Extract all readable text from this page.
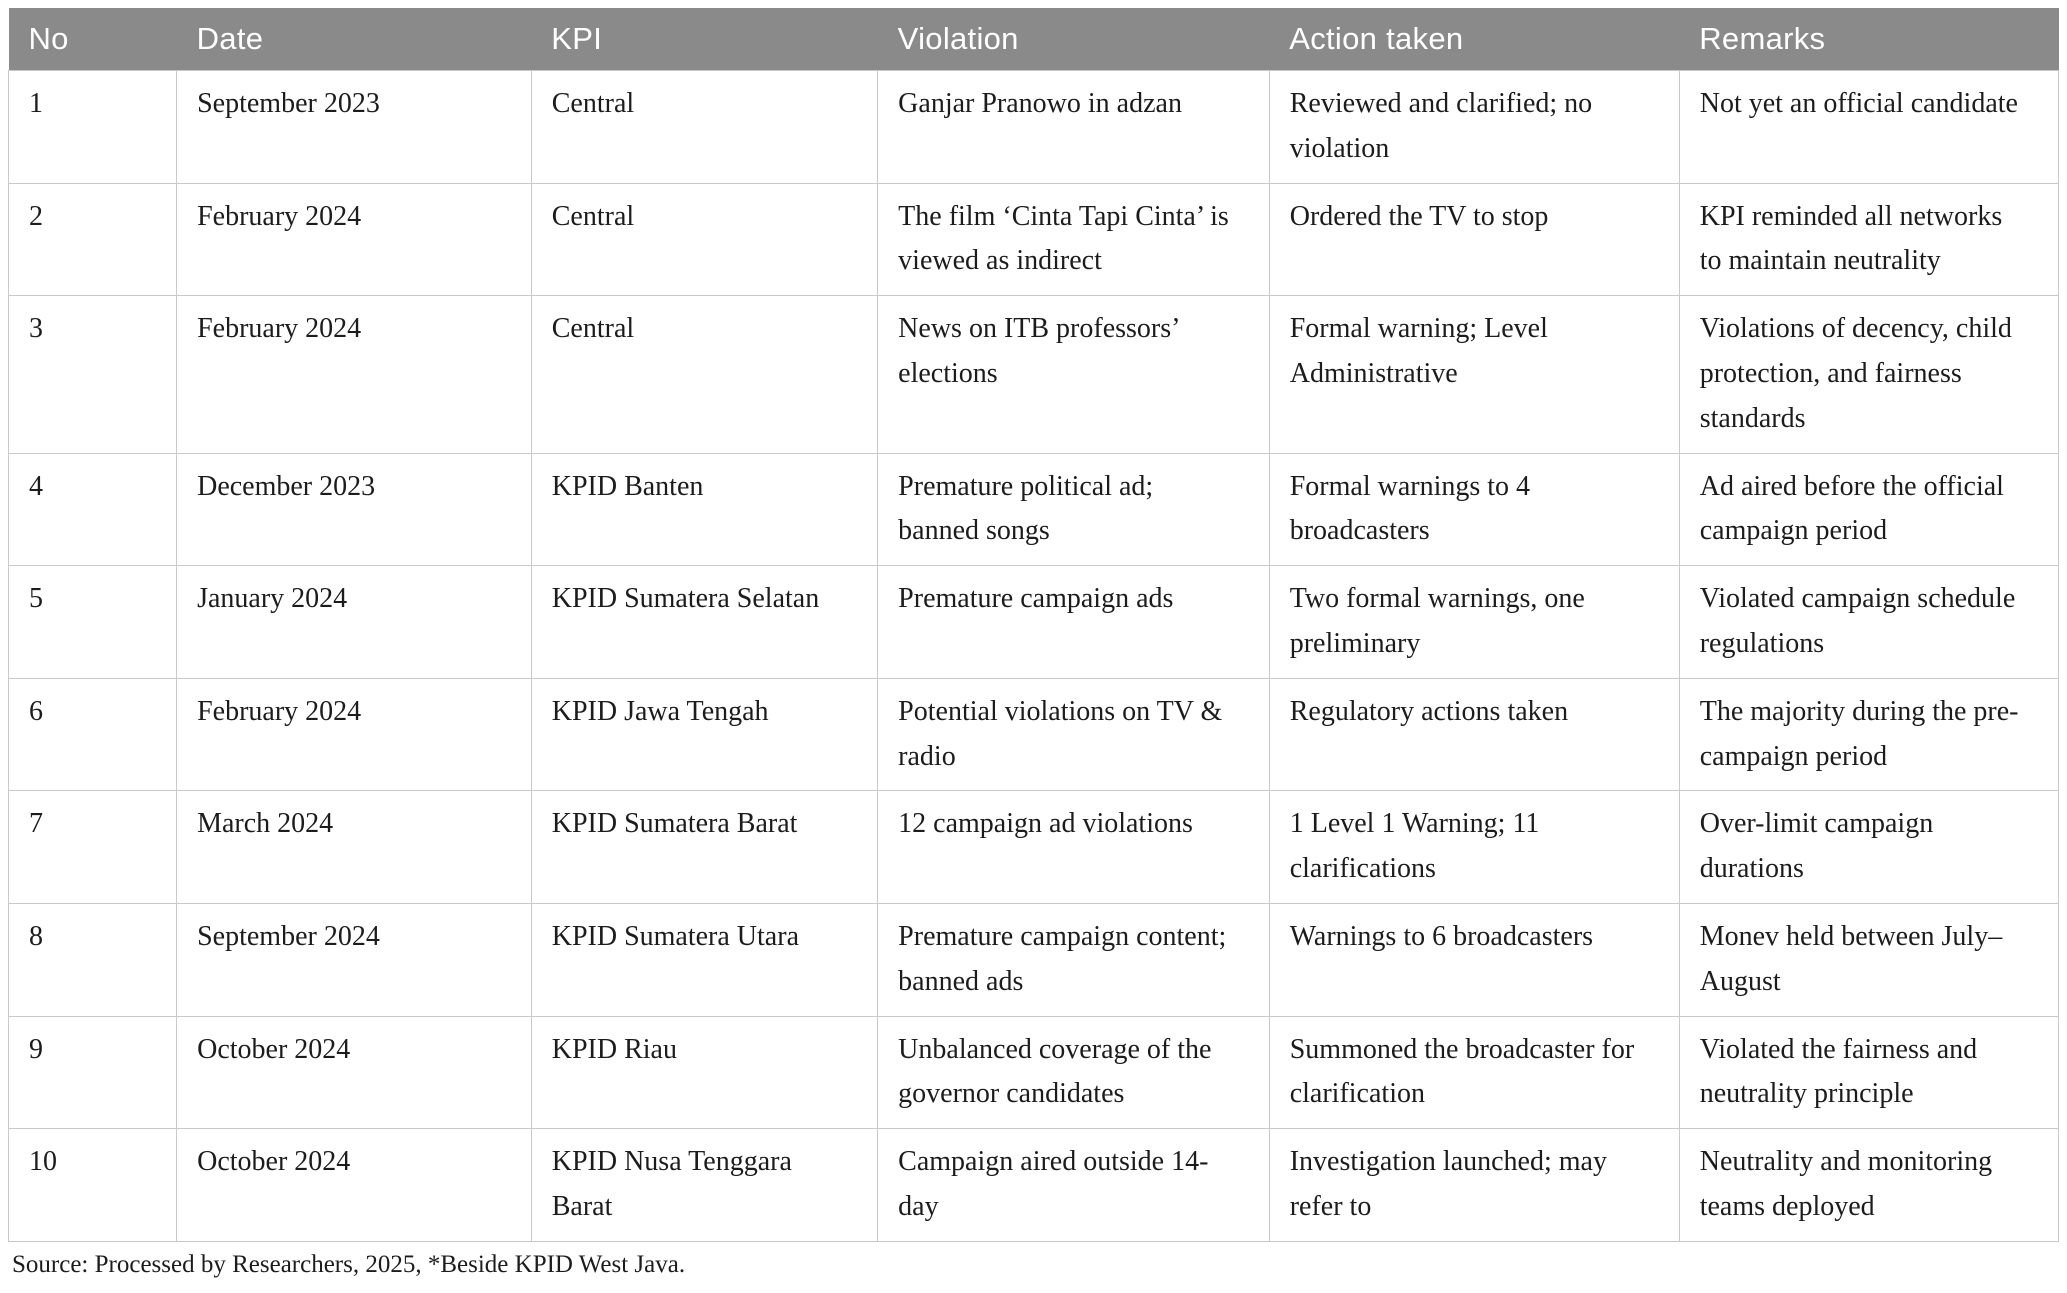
No	Date	KPI	Violation	Action taken	Remarks
1	September 2023	Central	Ganjar Pranowo in adzan	Reviewed and clarified; no violation	Not yet an official candidate
2	February 2024	Central	The film ‘Cinta Tapi Cinta’ is viewed as indirect	Ordered the TV to stop	KPI reminded all networks to maintain neutrality
3	February 2024	Central	News on ITB professors’ elections	Formal warning; Level Administrative	Violations of decency, child protection, and fairness standards
4	December 2023	KPID Banten	Premature political ad; banned songs	Formal warnings to 4 broadcasters	Ad aired before the official campaign period
5	January 2024	KPID Sumatera Selatan	Premature campaign ads	Two formal warnings, one preliminary	Violated campaign schedule regulations
6	February 2024	KPID Jawa Tengah	Potential violations on TV & radio	Regulatory actions taken	The majority during the pre-campaign period
7	March 2024	KPID Sumatera Barat	12 campaign ad violations	1 Level 1 Warning; 11 clarifications	Over-limit campaign durations
8	September 2024	KPID Sumatera Utara	Premature campaign content; banned ads	Warnings to 6 broadcasters	Monev held between July–August
9	October 2024	KPID Riau	Unbalanced coverage of the governor candidates	Summoned the broadcaster for clarification	Violated the fairness and neutrality principle
10	October 2024	KPID Nusa Tenggara Barat	Campaign aired outside 14-day	Investigation launched; may refer to	Neutrality and monitoring teams deployed
Source: Processed by Researchers, 2025, *Beside KPID West Java.
